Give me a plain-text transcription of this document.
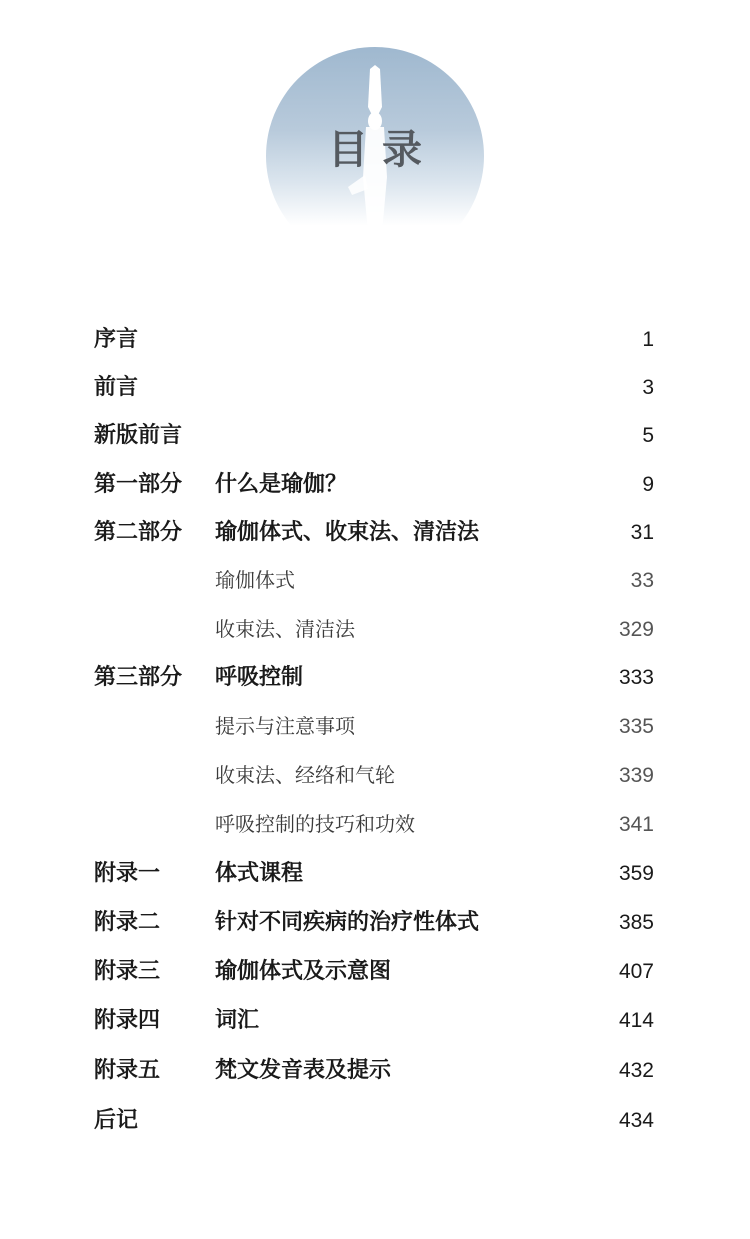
目录
序言	1
前言	3
新版前言	5
第一部分 什么是瑜伽？	9
第二部分 瑜伽体式、收束法、清洁法	31
瑜伽体式	33
收束法、清洁法	329
第三部分 呼吸控制	333
提示与注意事项	335
收束法、经络和气轮	339
呼吸控制的技巧和功效	341
附录一 体式课程	359
附录二 针对不同疾病的治疗性体式	385
附录三 瑜伽体式及示意图	407
附录四 词汇	414
附录五 梵文发音表及提示	432
后记	434
